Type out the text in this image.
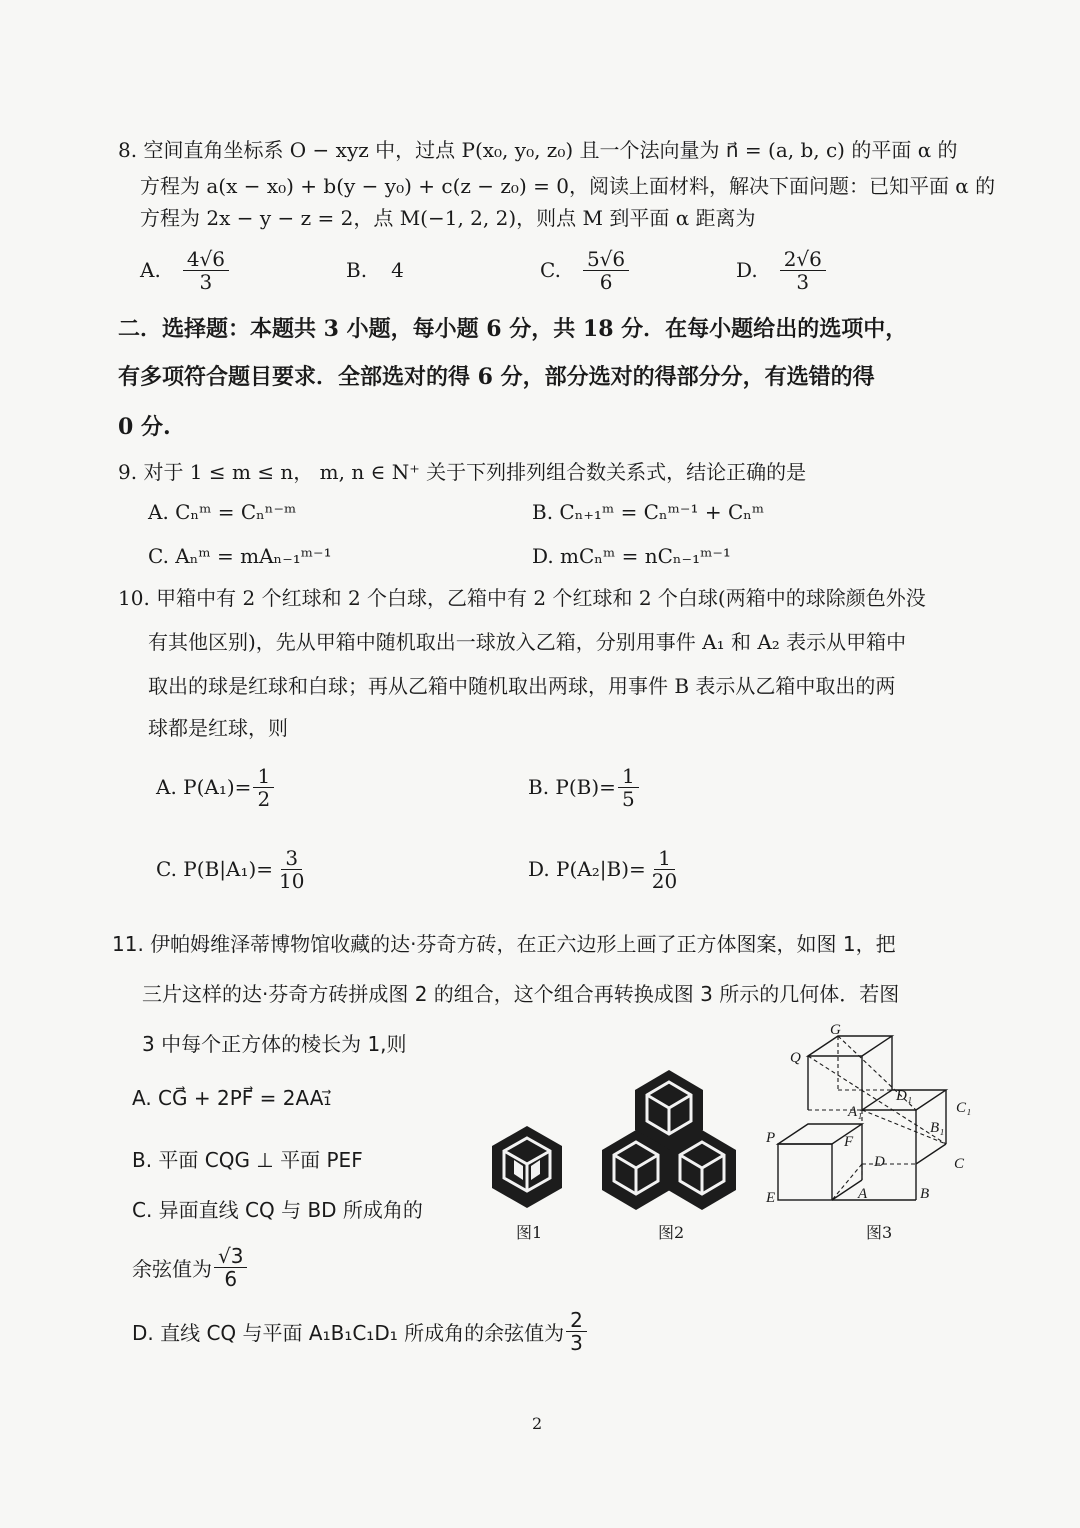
8. 空间直角坐标系 O − xyz 中，过点 P(x₀, y₀, z₀) 且一个法向量为 n⃗ = (a, b, c) 的平面 α 的
方程为 a(x − x₀) + b(y − y₀) + c(z − z₀) = 0，阅读上面材料，解决下面问题：已知平面 α 的
方程为 2x − y − z = 2，点 M(−1, 2, 2)，则点 M 到平面 α 距离为
A. $\frac{4√6}{3}$	B. 4	C. $\frac{5√6}{6}$	D. $\frac{2√6}{3}$
二．选择题：本题共 3 小题，每小题 6 分，共 18 分．在每小题给出的选项中，
有多项符合题目要求．全部选对的得 6 分，部分选对的得部分分，有选错的得
0 分.
9. 对于 1 ≤ m ≤ n， m, n ∈ N⁺ 关于下列排列组合数关系式，结论正确的是
A. Cₙᵐ = Cₙⁿ⁻ᵐ	B. Cₙ₊₁ᵐ = Cₙᵐ⁻¹ + Cₙᵐ
C. Aₙᵐ = mAₙ₋₁ᵐ⁻¹	D. mCₙᵐ = nCₙ₋₁ᵐ⁻¹
10. 甲箱中有 2 个红球和 2 个白球，乙箱中有 2 个红球和 2 个白球(两箱中的球除颜色外没
有其他区别)，先从甲箱中随机取出一球放入乙箱，分别用事件 A₁ 和 A₂ 表示从甲箱中
取出的球是红球和白球；再从乙箱中随机取出两球，用事件 B 表示从乙箱中取出的两
球都是红球，则
A. $P(A_1)= \frac{1}{2}$	B. $P(B)= \frac{1}{5}$
C. $P(B|A_1)= \frac{3}{10}$	D. $P(A_2|B)= \frac{1}{20}$
11. 伊帕姆维泽蒂博物馆收藏的达·芬奇方砖，在正六边形上画了正方体图案，如图 1，把
三片这样的达·芬奇方砖拼成图 2 的组合，这个组合再转换成图 3 所示的几何体．若图
3 中每个正方体的棱长为 1,则
A. CG⃗ + 2PF⃗ = 2AA₁⃗
B. 平面 CQG ⊥ 平面 PEF
C. 异面直线 CQ 与 BD 所成角的
余弦值为 $\frac{√3}{6}$
D. 直线 CQ 与平面 A₁B₁C₁D₁ 所成角的余弦值为 $\frac{2}{3}$
图1	图2
G
Q
D₁
C₁
A₁
B₁
P	F
D	C
E	A	B
图3
2
